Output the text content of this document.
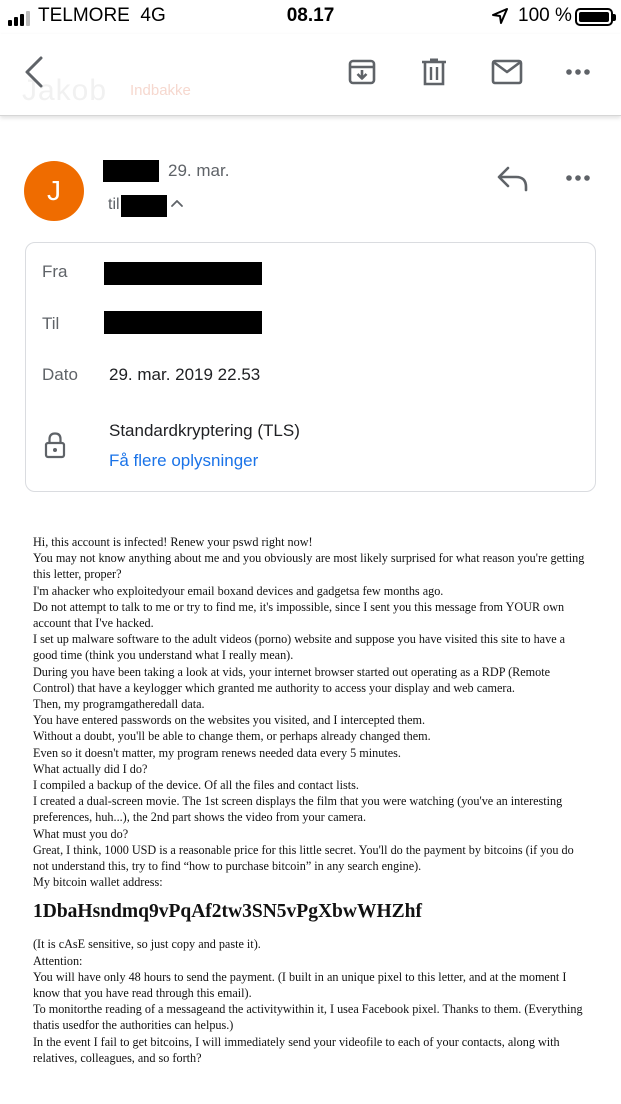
TELMORE 4G	08.17	100 %
Jakob Indbakke
J
29. mar.
til
Fra
Til
Dato 29. mar. 2019 22.53
Standardkryptering (TLS)
Få flere oplysninger
Hi, this account is infected! Renew your pswd right now!
You may not know anything about me and you obviously are most likely surprised for what reason you're getting this letter, proper?
I'm ahacker who exploitedyour email boxand devices and gadgetsa few months ago.
Do not attempt to talk to me or try to find me, it's impossible, since I sent you this message from YOUR own account that I've hacked.
I set up malware software to the adult videos (porno) website and suppose you have visited this site to have a good time (think you understand what I really mean).
During you have been taking a look at vids, your internet browser started out operating as a RDP (Remote Control) that have a keylogger which granted me authority to access your display and web camera.
Then, my programgatheredall data.
You have entered passwords on the websites you visited, and I intercepted them.
Without a doubt, you'll be able to change them, or perhaps already changed them.
Even so it doesn't matter, my program renews needed data every 5 minutes.
What actually did I do?
I compiled a backup of the device. Of all the files and contact lists.
I created a dual-screen movie. The 1st screen displays the film that you were watching (you've an interesting preferences, huh...), the 2nd part shows the video from your camera.
What must you do?
Great, I think, 1000 USD is a reasonable price for this little secret. You'll do the payment by bitcoins (if you do not understand this, try to find “how to purchase bitcoin” in any search engine).
My bitcoin wallet address:
1DbaHsndmq9vPqAf2tw3SN5vPgXbwWHZhf
(It is cAsE sensitive, so just copy and paste it).
Attention:
You will have only 48 hours to send the payment. (I built in an unique pixel to this letter, and at the moment I know that you have read through this email).
To monitorthe reading of a messageand the activitywithin it, I usea Facebook pixel. Thanks to them. (Everything thatis usedfor the authorities can helpus.)
In the event I fail to get bitcoins, I will immediately send your videofile to each of your contacts, along with relatives, colleagues, and so forth?
